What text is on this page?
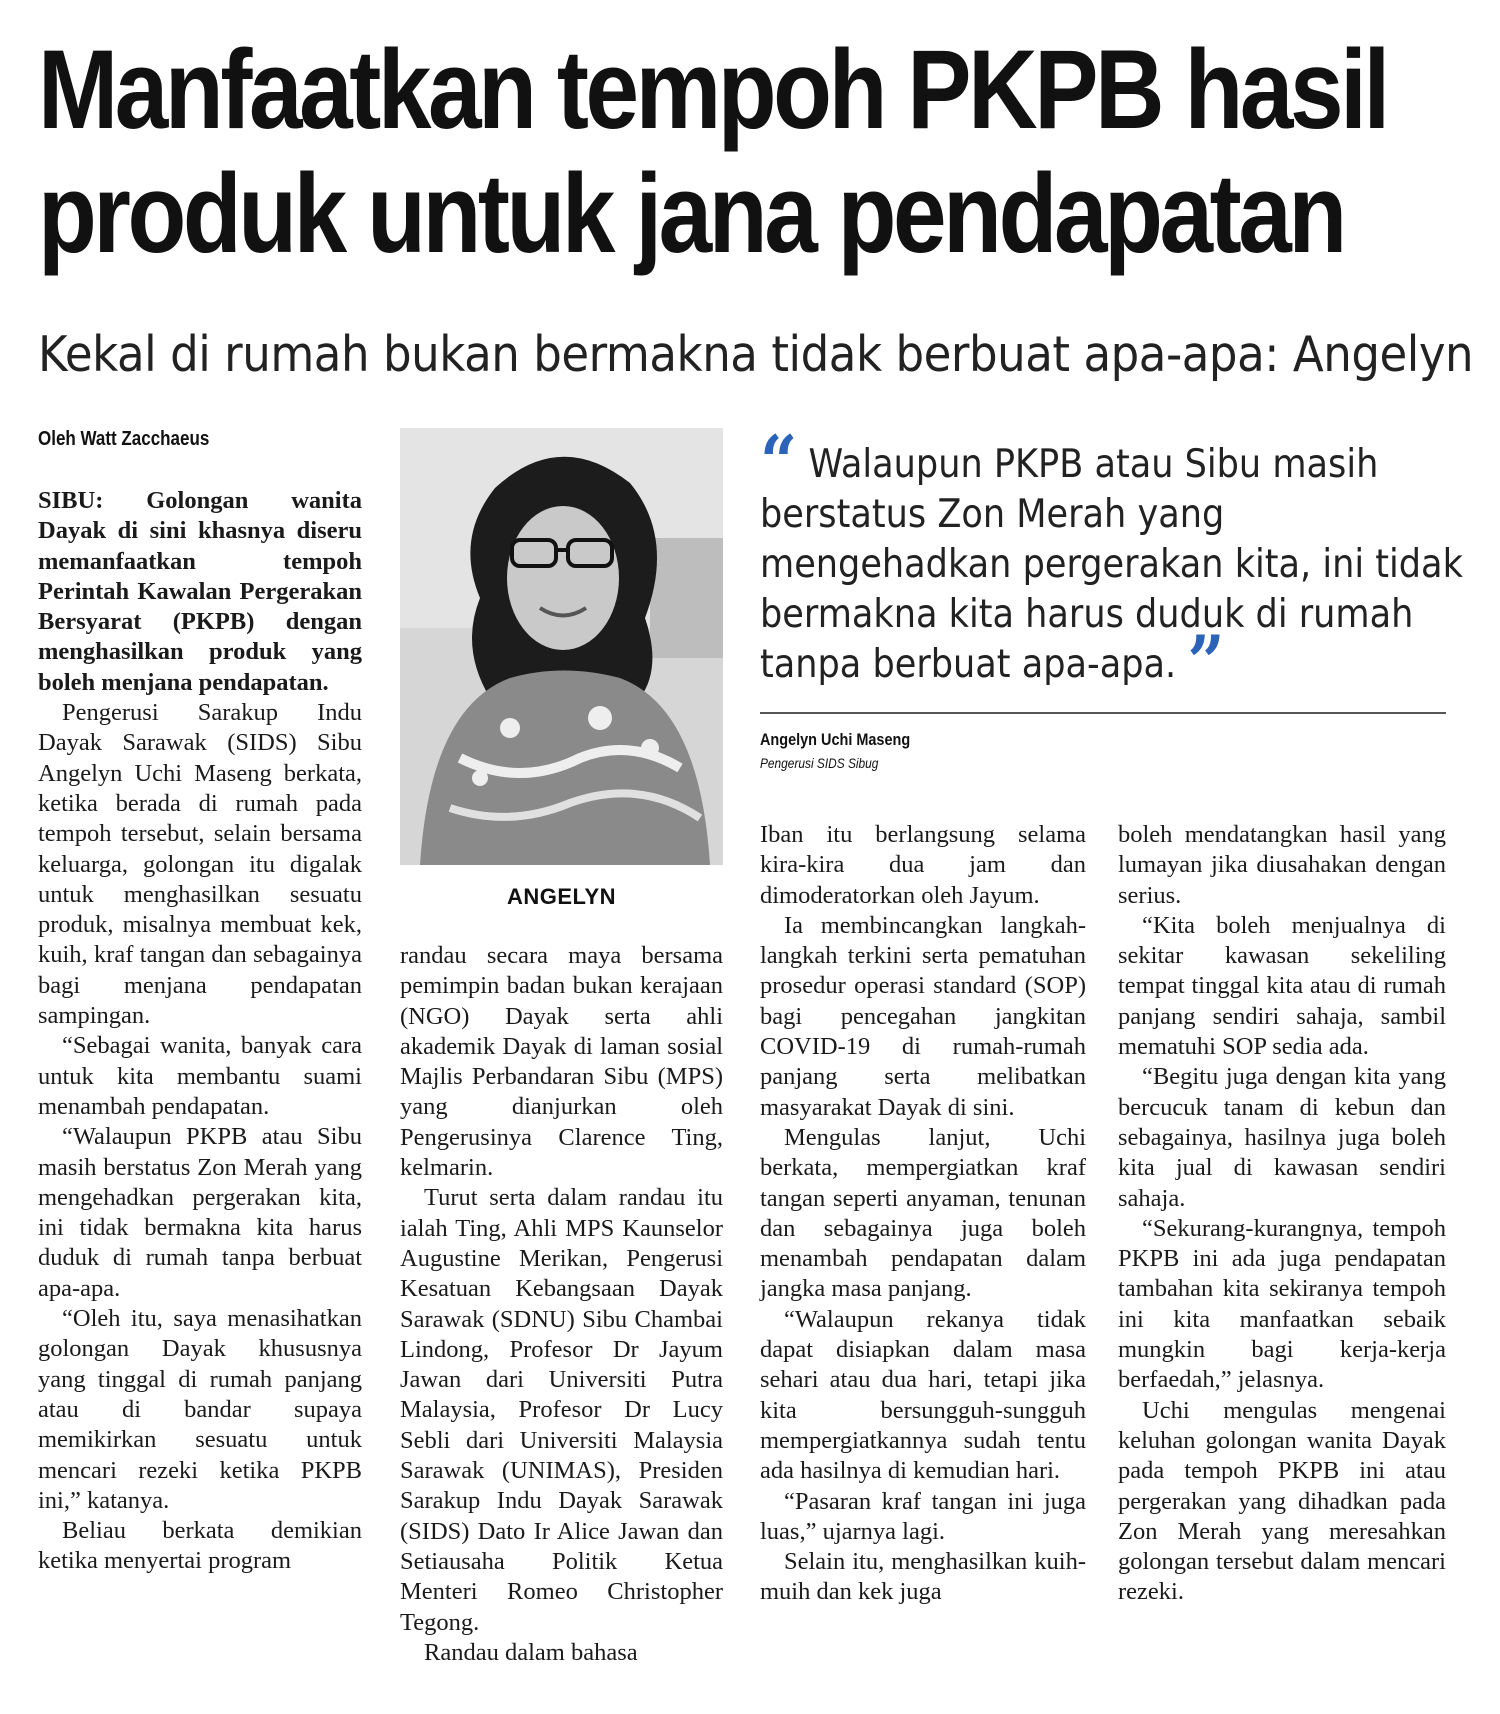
Manfaatkan tempoh PKPB hasil
produk untuk jana pendapatan
Kekal di rumah bukan bermakna tidak berbuat apa-apa: Angelyn
Oleh Watt Zacchaeus
ANGELYN
“ Walaupun PKPB atau Sibu masih berstatus Zon Merah yang mengehadkan pergerakan kita, ini tidak bermakna kita harus duduk di rumah tanpa berbuat apa-apa. ”
Angelyn Uchi Maseng
Pengerusi SIDS Sibug

SIBU: Golongan wanita Dayak di sini khasnya diseru memanfaatkan tempoh Perintah Kawalan Pergerakan Bersyarat (PKPB) dengan menghasilkan produk yang boleh menjana pendapatan.

Pengerusi Sarakup Indu Dayak Sarawak (SIDS) Sibu Angelyn Uchi Maseng berkata, ketika berada di rumah pada tempoh tersebut, selain bersama keluarga, golongan itu digalak untuk menghasilkan sesuatu produk, misalnya membuat kek, kuih, kraf tangan dan sebagainya bagi menjana pendapatan sampingan.

“Sebagai wanita, banyak cara untuk kita membantu suami menambah pendapatan.

“Walaupun PKPB atau Sibu masih berstatus Zon Merah yang mengehadkan pergerakan kita, ini tidak bermakna kita harus duduk di rumah tanpa berbuat apa-apa.

“Oleh itu, saya menasihatkan golongan Dayak khususnya yang tinggal di rumah panjang atau di bandar supaya memikirkan sesuatu untuk mencari rezeki ketika PKPB ini,” katanya.

Beliau berkata demikian ketika menyertai program

randau secara maya bersama pemimpin badan bukan kerajaan (NGO) Dayak serta ahli akademik Dayak di laman sosial Majlis Perbandaran Sibu (MPS) yang dianjurkan oleh Pengerusinya Clarence Ting, kelmarin.

Turut serta dalam randau itu ialah Ting, Ahli MPS Kaunselor Augustine Merikan, Pengerusi Kesatuan Kebangsaan Dayak Sarawak (SDNU) Sibu Chambai Lindong, Profesor Dr Jayum Jawan dari Universiti Putra Malaysia, Profesor Dr Lucy Sebli dari Universiti Malaysia Sarawak (UNIMAS), Presiden Sarakup Indu Dayak Sarawak (SIDS) Dato Ir Alice Jawan dan Setiausaha Politik Ketua Menteri Romeo Christopher Tegong.

Randau dalam bahasa

Iban itu berlangsung selama kira-kira dua jam dan dimoderatorkan oleh Jayum.

Ia membincangkan langkah-langkah terkini serta pematuhan prosedur operasi standard (SOP) bagi pencegahan jangkitan COVID-19 di rumah-rumah panjang serta melibatkan masyarakat Dayak di sini.

Mengulas lanjut, Uchi berkata, mempergiatkan kraf tangan seperti anyaman, tenunan dan sebagainya juga boleh menambah pendapatan dalam jangka masa panjang.

“Walaupun rekanya tidak dapat disiapkan dalam masa sehari atau dua hari, tetapi jika kita bersungguh-sungguh mempergiatkannya sudah tentu ada hasilnya di kemudian hari.

“Pasaran kraf tangan ini juga luas,” ujarnya lagi.

Selain itu, menghasilkan kuih-muih dan kek juga

boleh mendatangkan hasil yang lumayan jika diusahakan dengan serius.

“Kita boleh menjualnya di sekitar kawasan sekeliling tempat tinggal kita atau di rumah panjang sendiri sahaja, sambil mematuhi SOP sedia ada.

“Begitu juga dengan kita yang bercucuk tanam di kebun dan sebagainya, hasilnya juga boleh kita jual di kawasan sendiri sahaja.

“Sekurang-kurangnya, tempoh PKPB ini ada juga pendapatan tambahan kita sekiranya tempoh ini kita manfaatkan sebaik mungkin bagi kerja-kerja berfaedah,” jelasnya.

Uchi mengulas mengenai keluhan golongan wanita Dayak pada tempoh PKPB ini atau pergerakan yang dihadkan pada Zon Merah yang meresahkan golongan tersebut dalam mencari rezeki.
